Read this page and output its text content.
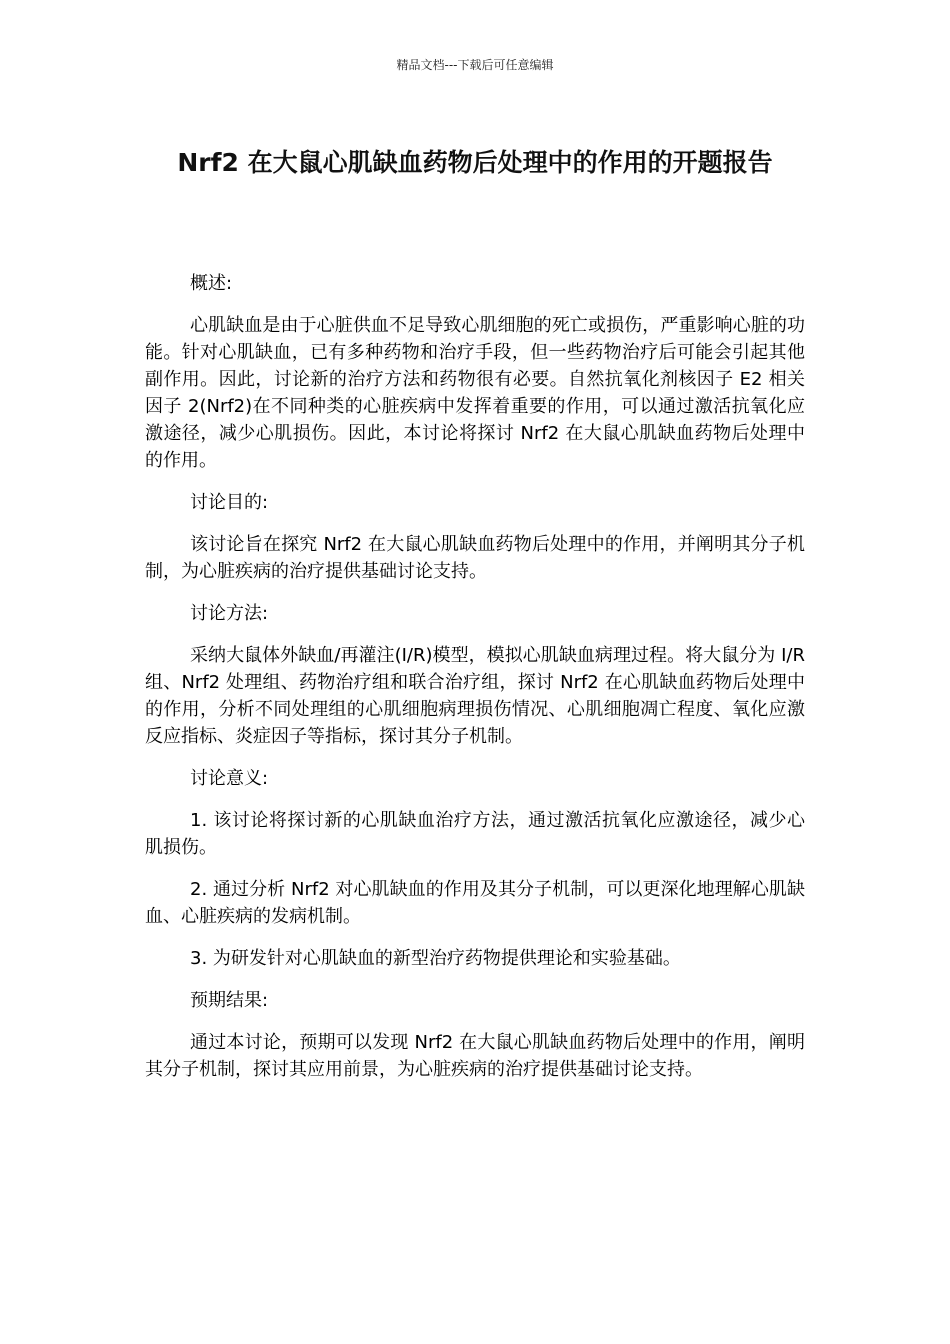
精品文档---下载后可任意编辑
Nrf2 在大鼠心肌缺血药物后处理中的作用的开题报告

概述:

心肌缺血是由于心脏供血不足导致心肌细胞的死亡或损伤，严重影响心脏的功能。针对心肌缺血，已有多种药物和治疗手段，但一些药物治疗后可能会引起其他副作用。因此，讨论新的治疗方法和药物很有必要。自然抗氧化剂核因子 E2 相关因子 2(Nrf2)在不同种类的心脏疾病中发挥着重要的作用，可以通过激活抗氧化应激途径，减少心肌损伤。因此，本讨论将探讨 Nrf2 在大鼠心肌缺血药物后处理中的作用。

讨论目的:

该讨论旨在探究 Nrf2 在大鼠心肌缺血药物后处理中的作用，并阐明其分子机制，为心脏疾病的治疗提供基础讨论支持。

讨论方法:

采纳大鼠体外缺血/再灌注(I/R)模型，模拟心肌缺血病理过程。将大鼠分为 I/R 组、Nrf2 处理组、药物治疗组和联合治疗组，探讨 Nrf2 在心肌缺血药物后处理中的作用，分析不同处理组的心肌细胞病理损伤情况、心肌细胞凋亡程度、氧化应激反应指标、炎症因子等指标，探讨其分子机制。

讨论意义:

1. 该讨论将探讨新的心肌缺血治疗方法，通过激活抗氧化应激途径，减少心肌损伤。

2. 通过分析 Nrf2 对心肌缺血的作用及其分子机制，可以更深化地理解心肌缺血、心脏疾病的发病机制。

3. 为研发针对心肌缺血的新型治疗药物提供理论和实验基础。

预期结果:

通过本讨论，预期可以发现 Nrf2 在大鼠心肌缺血药物后处理中的作用，阐明其分子机制，探讨其应用前景，为心脏疾病的治疗提供基础讨论支持。
